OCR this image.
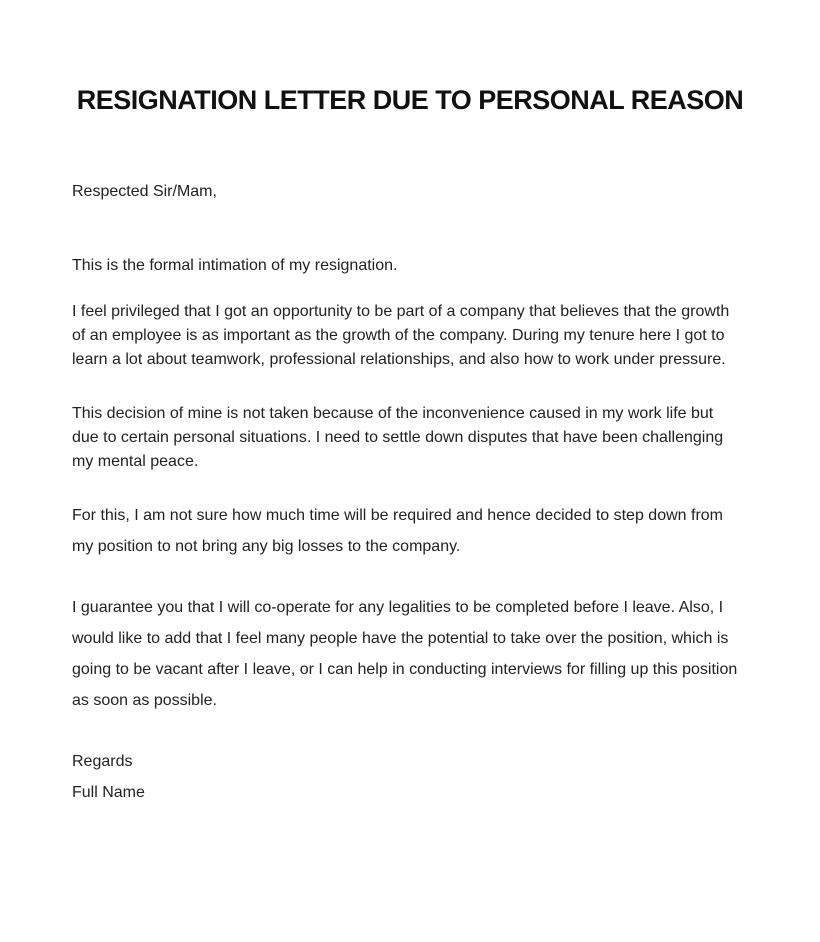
RESIGNATION LETTER DUE TO PERSONAL REASON

Respected Sir/Mam,

This is the formal intimation of my resignation.

I feel privileged that I got an opportunity to be part of a company that believes that the growth of an employee is as important as the growth of the company. During my tenure here I got to learn a lot about teamwork, professional relationships, and also how to work under pressure.

This decision of mine is not taken because of the inconvenience caused in my work life but due to certain personal situations. I need to settle down disputes that have been challenging my mental peace.

For this, I am not sure how much time will be required and hence decided to step down from my position to not bring any big losses to the company.

I guarantee you that I will co-operate for any legalities to be completed before I leave. Also, I would like to add that I feel many people have the potential to take over the position, which is going to be vacant after I leave, or I can help in conducting interviews for filling up this position as soon as possible.

Regards

Full Name
